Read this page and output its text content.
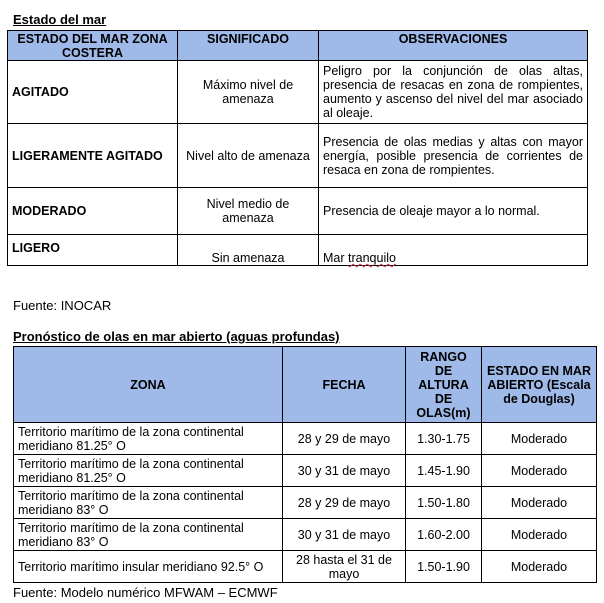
Estado del mar
ESTADO DEL MAR ZONA COSTERA	SIGNIFICADO	OBSERVACIONES
AGITADO	Máximo nivel de amenaza	Peligro por la conjunción de olas altas, presencia de resacas en zona de rompientes, aumento y ascenso del nivel del mar asociado al oleaje.
LIGERAMENTE AGITADO	Nivel alto de amenaza	Presencia de olas medias y altas con mayor energía, posible presencia de corrientes de resaca en zona de rompientes.
MODERADO	Nivel medio de amenaza	Presencia de oleaje mayor a lo normal.
LIGERO	Sin amenaza	Mar tranquilo
Fuente: INOCAR
Pronóstico de olas en mar abierto (aguas profundas)
ZONA	FECHA	RANGO DE ALTURA DE OLAS(m)	ESTADO EN MAR ABIERTO (Escala de Douglas)
Territorio marítimo de la zona continental meridiano 81.25° O	28 y 29 de mayo	1.30-1.75	Moderado
Territorio marítimo de la zona continental meridiano 81.25° O	30 y 31 de mayo	1.45-1.90	Moderado
Territorio marítimo de la zona continental meridiano 83° O	28 y 29 de mayo	1.50-1.80	Moderado
Territorio marítimo de la zona continental meridiano 83° O	30 y 31 de mayo	1.60-2.00	Moderado
Territorio marítimo insular meridiano 92.5° O	28 hasta el 31 de mayo	1.50-1.90	Moderado
Fuente: Modelo numérico MFWAM – ECMWF
